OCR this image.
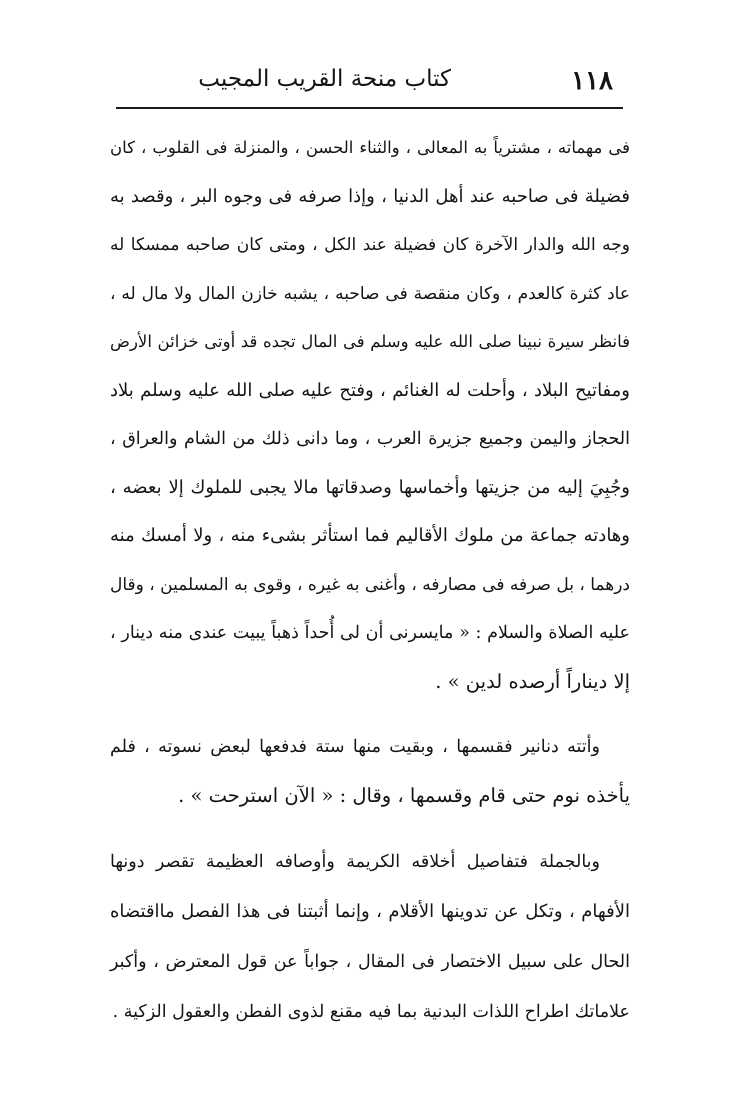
١١٨
كتاب منحة القريب المجيب

فى مهماته ، مشترياً به المعالى ، والثناء الحسن ، والمنزلة فى القلوب ، كان
فضيلة فى صاحبه عند أهل الدنيا ، وإذا صرفه فى وجوه البر ، وقصد به
وجه الله والدار الآخرة كان فضيلة عند الكل ، ومتى كان صاحبه ممسكا له
عاد كثرة كالعدم ، وكان منقصة فى صاحبه ، يشبه خازن المال ولا مال له ،
فانظر سيرة نبينا صلى الله عليه وسلم فى المال تجده قد أوتى خزائن الأرض
ومفاتيح البلاد ، وأحلت له الغنائم ، وفتح عليه صلى الله عليه وسلم بلاد
الحجاز واليمن وجميع جزيرة العرب ، وما دانى ذلك من الشام والعراق ،
وجُبِيَ إليه من جزيتها وأخماسها وصدقاتها مالا يجبى للملوك إلا بعضه ،
وهادته جماعة من ملوك الأقاليم فما استأثر بشىء منه ، ولا أمسك منه
درهما ، بل صرفه فى مصارفه ، وأغنى به غيره ، وقوى به المسلمين ، وقال
عليه الصلاة والسلام : « مايسرنى أن لى أُحداً ذهباً يبيت عندى منه دينار ،
إلا ديناراً أرصده لدين » .

وأتته دنانير فقسمها ، وبقيت منها ستة فدفعها لبعض نسوته ، فلم
يأخذه نوم حتى قام وقسمها ، وقال : « الآن استرحت » .

وبالجملة فتفاصيل أخلاقه الكريمة وأوصافه العظيمة تقصر دونها
الأفهام ، وتكل عن تدوينها الأقلام ، وإنما أثبتنا فى هذا الفصل مااقتضاه
الحال على سبيل الاختصار فى المقال ، جواباً عن قول المعترض ، وأكبر
علاماتك اطراح اللذات البدنية بما فيه مقنع لذوى الفطن والعقول الزكية .
